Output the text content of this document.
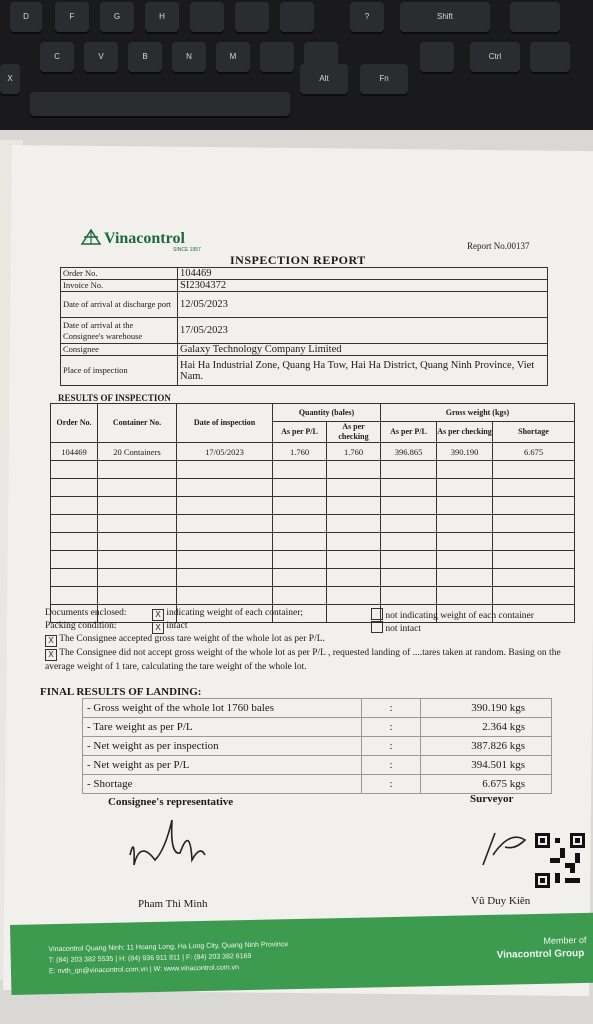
D	F	G	H	?	Shift
C	V	B	N	M	Ctrl
X	Alt	Fn
Vinacontrol
SINCE 1957	Report No.00137
INSPECTION REPORT
Order No.	104469
Invoice No.	SI2304372
Date of arrival at discharge port	12/05/2023
Date of arrival at the Consignee's warehouse	17/05/2023
Consignee	Galaxy Technology Company Limited
Place of inspection	Hai Ha Industrial Zone, Quang Ha Tow, Hai Ha District, Quang Ninh Province, Viet Nam.
RESULTS OF INSPECTION
Order No.	Container No.	Date of inspection	Quantity (bales)		Gross weight (kgs)		
			As per P/L	As per checking	As per P/L	As per checking	Shortage
104469	20 Containers	17/05/2023	1.760	1.760	396.865	390.190	6.675

Documents enclosed:	X indicating weight of each container;	not indicating weight of each container
Packing condition:	X intact	not intact
X The Consignee accepted gross tare weight of the whole lot as per P/L.
X The Consignee did not accept gross weight of the whole lot as per P/L , requested landing of ....tares taken at random. Basing on the average weight of 1 tare, calculating the tare weight of the whole lot.
FINAL RESULTS OF LANDING:
- Gross weight of the whole lot 1760 bales	:	390.190 kgs
- Tare weight as per P/L	:	2.364 kgs
- Net weight as per inspection	:	387.826 kgs
- Net weight as per P/L	:	394.501 kgs
- Shortage	:	6.675 kgs
Consignee's representative	Surveyor
Pham Thi Minh	Vũ Duy Kiên
Vinacontrol Quang Ninh: 11 Hoang Long, Ha Long City, Quang Ninh Province
T: (84) 203 382 5535 | H: (84) 936 911 811 | F: (84) 203 382 6169
E: nvth_qn@vinacontrol.com.vn | W: www.vinacontrol.com.vn
Member of
Vinacontrol Group
